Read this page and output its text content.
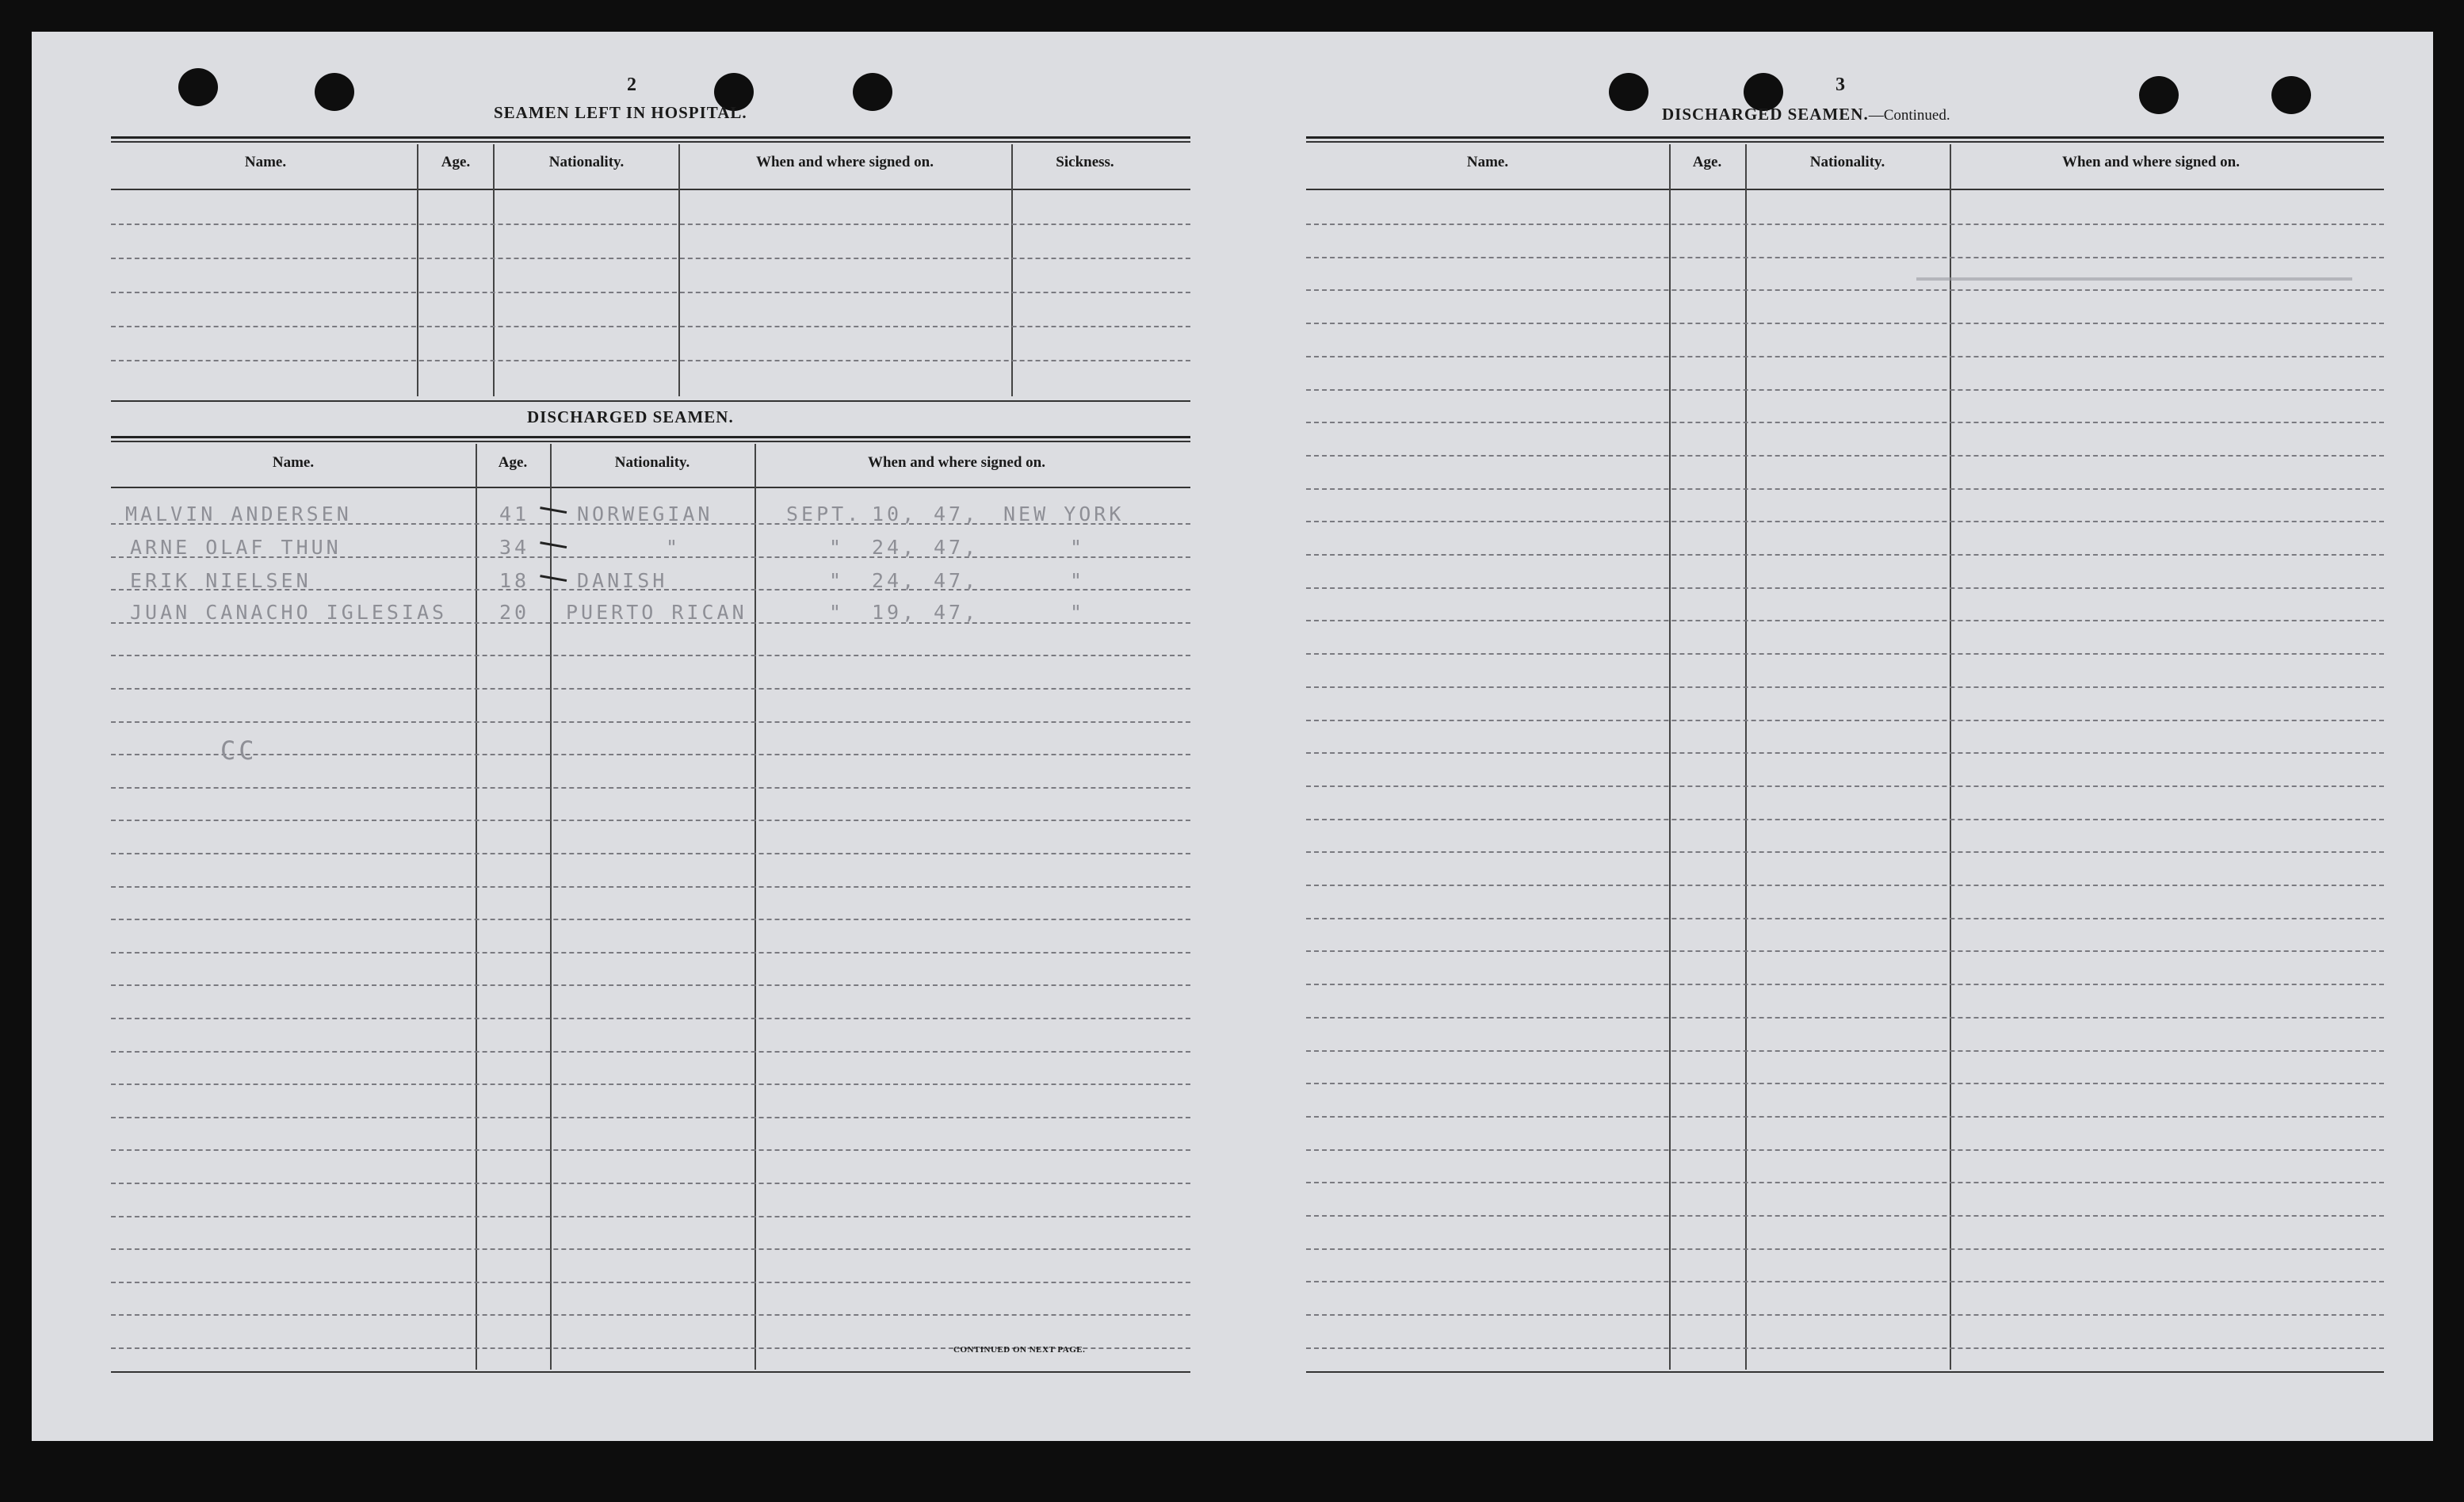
2
SEAMEN LEFT IN HOSPITAL.
Name.	Age.	Nationality.	When and where signed on.	Sickness.
DISCHARGED SEAMEN.
Name.	Age.	Nationality.	When and where signed on.
MALVIN ANDERSEN	41 NORWEGIAN	SEPT. 10, 47, NEW YORK
ARNE OLAF THUN	34	"	" 24, 47,	"
ERIK NIELSEN	18 DANISH	" 24, 47,	"
JUAN CANACHO IGLESIAS	20 PUERTO RICAN	" 19, 47,	"
CC
CONTINUED ON NEXT PAGE.
3
DISCHARGED SEAMEN.—Continued.
Name.	Age.	Nationality.	When and where signed on.
